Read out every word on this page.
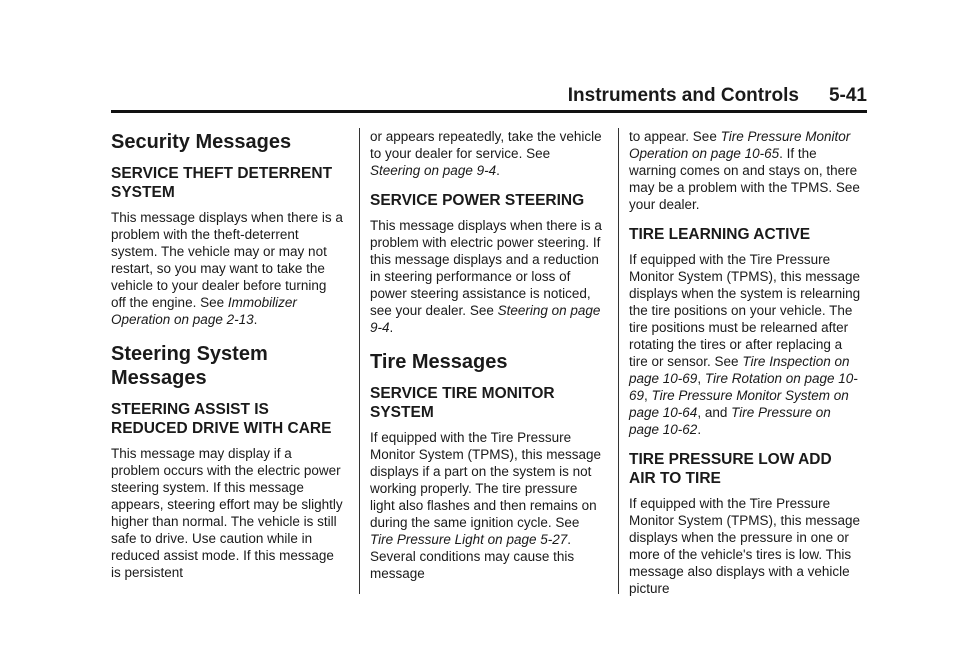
Instruments and Controls 5-41
Security Messages
SERVICE THEFT DETERRENT SYSTEM

This message displays when there is a problem with the theft-deterrent system. The vehicle may or may not restart, so you may want to take the vehicle to your dealer before turning off the engine. See Immobilizer Operation on page 2-13.

Steering System Messages
STEERING ASSIST IS REDUCED DRIVE WITH CARE

This message may display if a problem occurs with the electric power steering system. If this message appears, steering effort may be slightly higher than normal. The vehicle is still safe to drive. Use caution while in reduced assist mode. If this message is persistent

or appears repeatedly, take the vehicle to your dealer for service. See Steering on page 9-4.

SERVICE POWER STEERING

This message displays when there is a problem with electric power steering. If this message displays and a reduction in steering performance or loss of power steering assistance is noticed, see your dealer. See Steering on page 9-4.

Tire Messages
SERVICE TIRE MONITOR SYSTEM

If equipped with the Tire Pressure Monitor System (TPMS), this message displays if a part on the system is not working properly. The tire pressure light also flashes and then remains on during the same ignition cycle. See Tire Pressure Light on page 5-27. Several conditions may cause this message

to appear. See Tire Pressure Monitor Operation on page 10-65. If the warning comes on and stays on, there may be a problem with the TPMS. See your dealer.

TIRE LEARNING ACTIVE

If equipped with the Tire Pressure Monitor System (TPMS), this message displays when the system is relearning the tire positions on your vehicle. The tire positions must be relearned after rotating the tires or after replacing a tire or sensor. See Tire Inspection on page 10-69, Tire Rotation on page 10-69, Tire Pressure Monitor System on page 10-64, and Tire Pressure on page 10-62.

TIRE PRESSURE LOW ADD AIR TO TIRE

If equipped with the Tire Pressure Monitor System (TPMS), this message displays when the pressure in one or more of the vehicle's tires is low. This message also displays with a vehicle picture
